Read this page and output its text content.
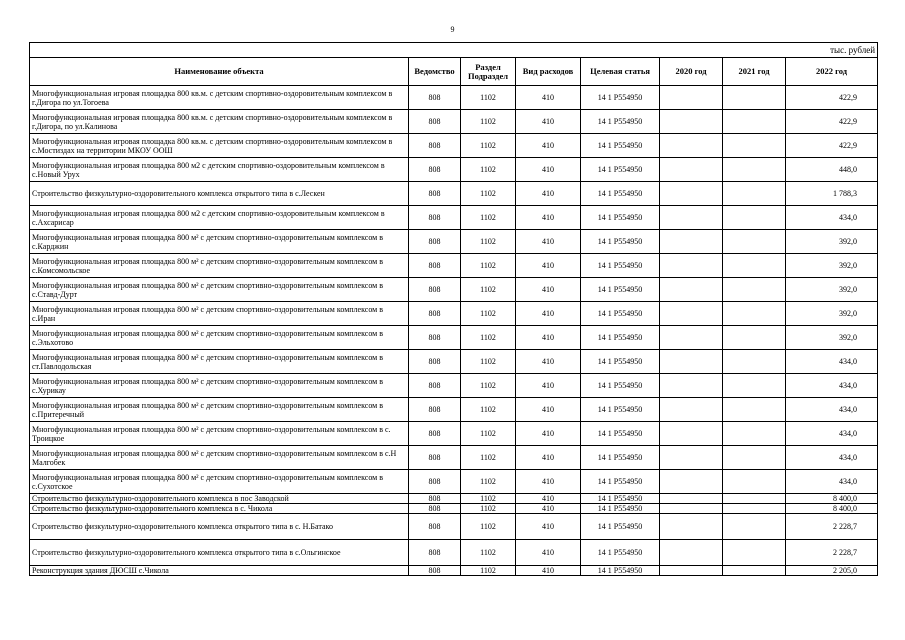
9
тыс. рублей							
Наименование объекта	Ведомство	Раздел Подраздел	Вид расходов	Целевая статья	2020 год	2021 год	2022 год
Многофункциональная игровая площадка 800 кв.м. с детским спортивно-оздоровительным комплексом в г.Дигора по ул.Тогоева	808	1102	410	14 1 P554950			422,9
Многофункциональная игровая площадка 800 кв.м. с детским спортивно-оздоровительным комплексом в г.Дигора, по ул.Калинова	808	1102	410	14 1 P554950			422,9
Многофункциональная игровая площадка 800 кв.м. с детским спортивно-оздоровительным комплексом в с.Мостиздах на территории МКОУ ООШ	808	1102	410	14 1 P554950			422,9
Многофункциональная игровая площадка 800 м2 с детским спортивно-оздоровительным комплексом в с.Новый Урух	808	1102	410	14 1 P554950			448,0
Строительство физкультурно-оздоровительного комплекса открытого типа в с.Лескен	808	1102	410	14 1 P554950			1 788,3
Многофункциональная игровая площадка 800 м2 с детским спортивно-оздоровительным комплексом в с.Ахсарисар	808	1102	410	14 1 P554950			434,0
Многофункциональная игровая площадка 800 м² с детским спортивно-оздоровительным комплексом в с.Карджин	808	1102	410	14 1 P554950			392,0
Многофункциональная игровая площадка 800 м² с детским спортивно-оздоровительным комплексом в с.Комсомольское	808	1102	410	14 1 P554950			392,0
Многофункциональная игровая площадка 800 м² с детским спортивно-оздоровительным комплексом в с.Ставд-Дурт	808	1102	410	14 1 P554950			392,0
Многофункциональная игровая площадка 800 м² с детским спортивно-оздоровительным комплексом в с.Иран	808	1102	410	14 1 P554950			392,0
Многофункциональная игровая площадка 800 м² с детским спортивно-оздоровительным комплексом в с.Эльхотово	808	1102	410	14 1 P554950			392,0
Многофункциональная игровая площадка 800 м² с детским спортивно-оздоровительным комплексом в ст.Павлодольская	808	1102	410	14 1 P554950			434,0
Многофункциональная игровая площадка 800 м² с детским спортивно-оздоровительным комплексом в с.Хурикау	808	1102	410	14 1 P554950			434,0
Многофункциональная игровая площадка 800 м² с детским спортивно-оздоровительным комплексом в с.Притеречный	808	1102	410	14 1 P554950			434,0
Многофункциональная игровая площадка 800 м² с детским спортивно-оздоровительным комплексом в с. Троицкое	808	1102	410	14 1 P554950			434,0
Многофункциональная игровая площадка 800 м² с детским спортивно-оздоровительным комплексом в с.Н Малгобек	808	1102	410	14 1 P554950			434,0
Многофункциональная игровая площадка 800 м² с детским спортивно-оздоровительным комплексом в с.Сухотское	808	1102	410	14 1 P554950			434,0
Строительство физкультурно-оздоровительного комплекса в пос Заводской	808	1102	410	14 1 P554950			8 400,0
Строительство физкультурно-оздоровительного комплекса в с. Чикола	808	1102	410	14 1 P554950			8 400,0
Строительство физкультурно-оздоровительного комплекса открытого типа в с. Н.Батако	808	1102	410	14 1 P554950			2 228,7
Строительство физкультурно-оздоровительного комплекса открытого типа в с.Ольгинское	808	1102	410	14 1 P554950			2 228,7
Реконструкция здания ДЮСШ с.Чикола	808	1102	410	14 1 P554950			2 205,0
